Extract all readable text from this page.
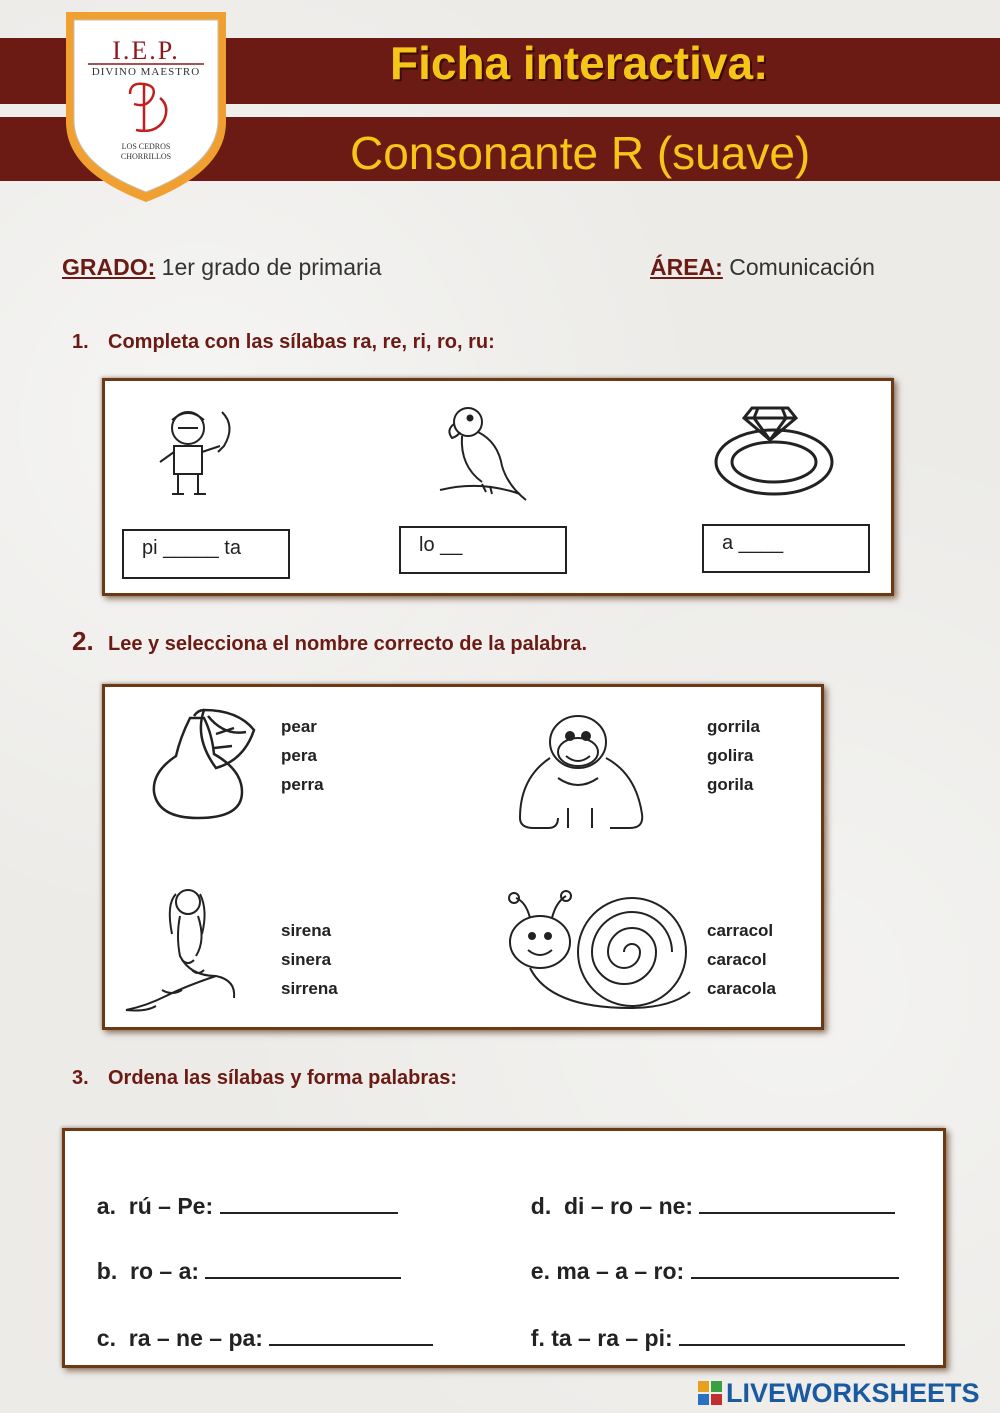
Ficha interactiva:
Consonante R (suave)
I.E.P.
DIVINO MAESTRO
LOS CEDROS
CHORRILLOS
GRADO: 1er grado de primaria	ÁREA: Comunicación
1. Completa con las sílabas ra, re, ri, ro, ru:
pi _____ ta	lo __	a ____
2. Lee y selecciona el nombre correcto de la palabra.
pear
pera
perra
gorrila
golira
gorila
sirena
sinera
sirrena
carracol
caracol
caracola
3. Ordena las sílabas y forma palabras:

a.  rú – Pe:

b.  ro – a:

c.  ra – ne – pa:

d.  di – ro – ne:

e. ma – a – ro:

f. ta – ra – pi:

LIVEWORKSHEETS
